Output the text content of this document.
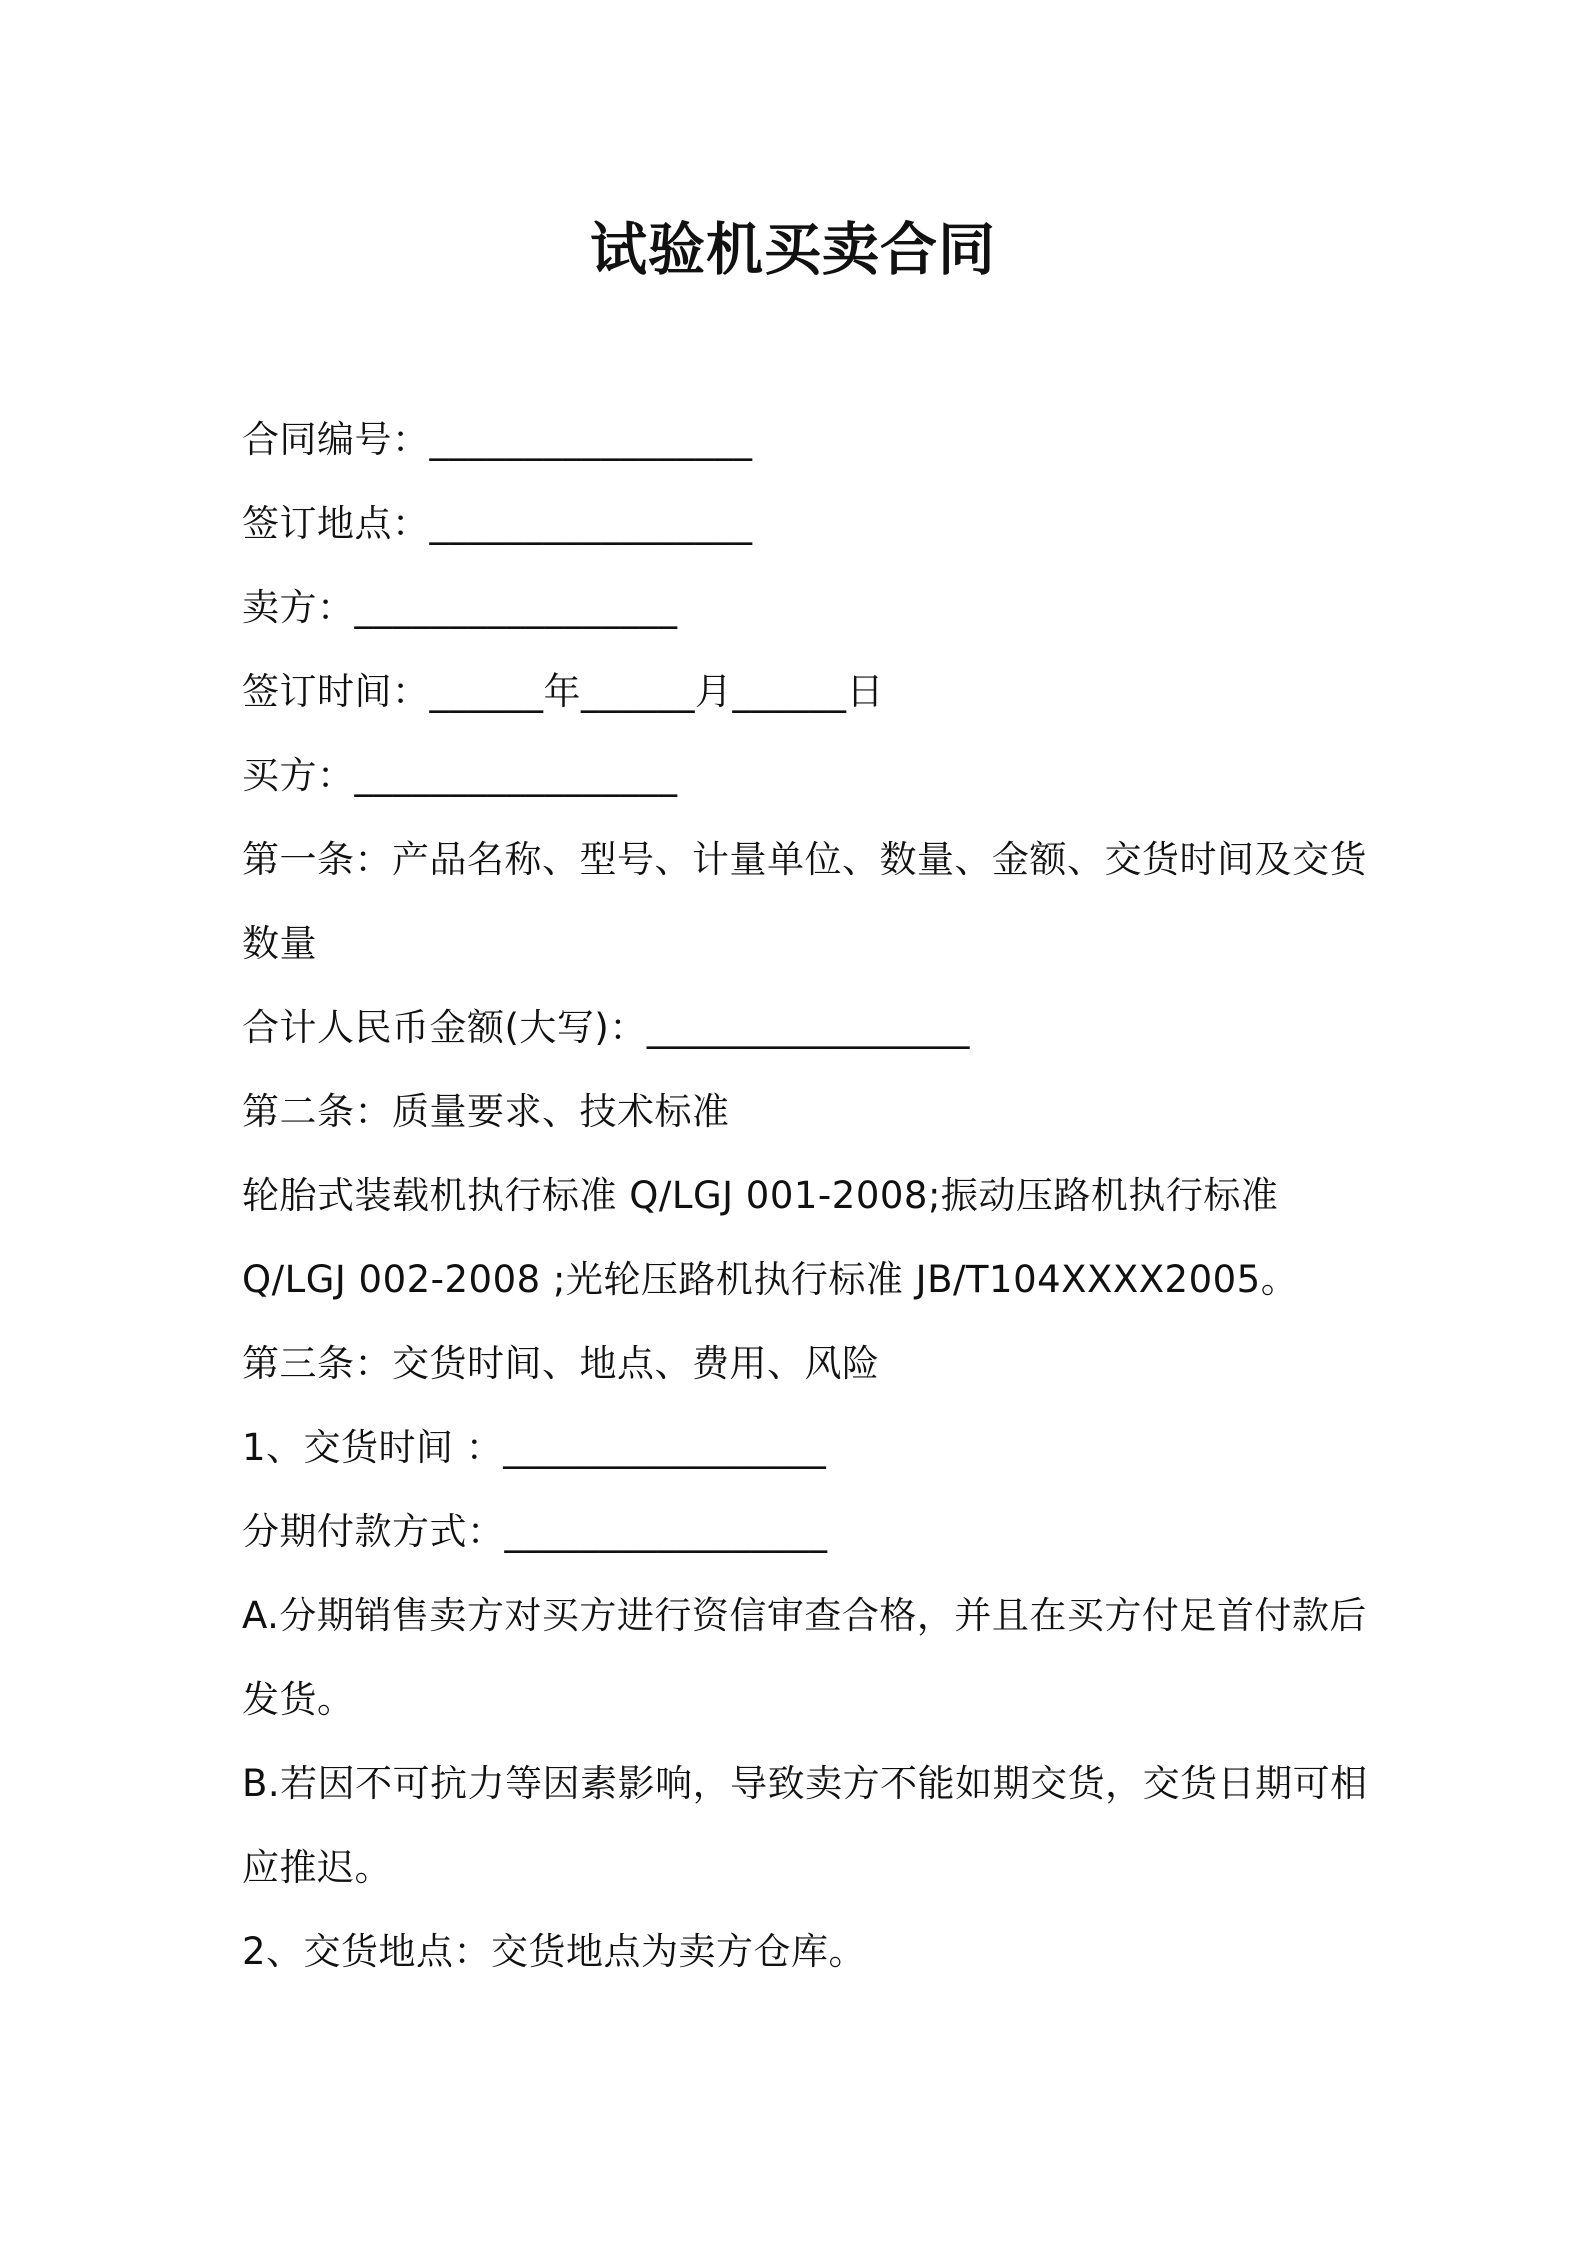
试验机买卖合同
合同编号：_________________
签订地点：_________________
卖方：_________________
签订时间：______年______月______日
买方：_________________
第一条：产品名称、型号、计量单位、数量、金额、交货时间及交货
数量
合计人民币金额(大写)：_________________
第二条：质量要求、技术标准
轮胎式装载机执行标准 Q/LGJ 001-2008;振动压路机执行标准
Q/LGJ 002-2008 ;光轮压路机执行标准 JB/T104XXXX2005。
第三条：交货时间、地点、费用、风险
1、交货时间 ：_________________
分期付款方式：_________________
A.分期销售卖方对买方进行资信审查合格，并且在买方付足首付款后
发货。
B.若因不可抗力等因素影响，导致卖方不能如期交货，交货日期可相
应推迟。
2、交货地点：交货地点为卖方仓库。
